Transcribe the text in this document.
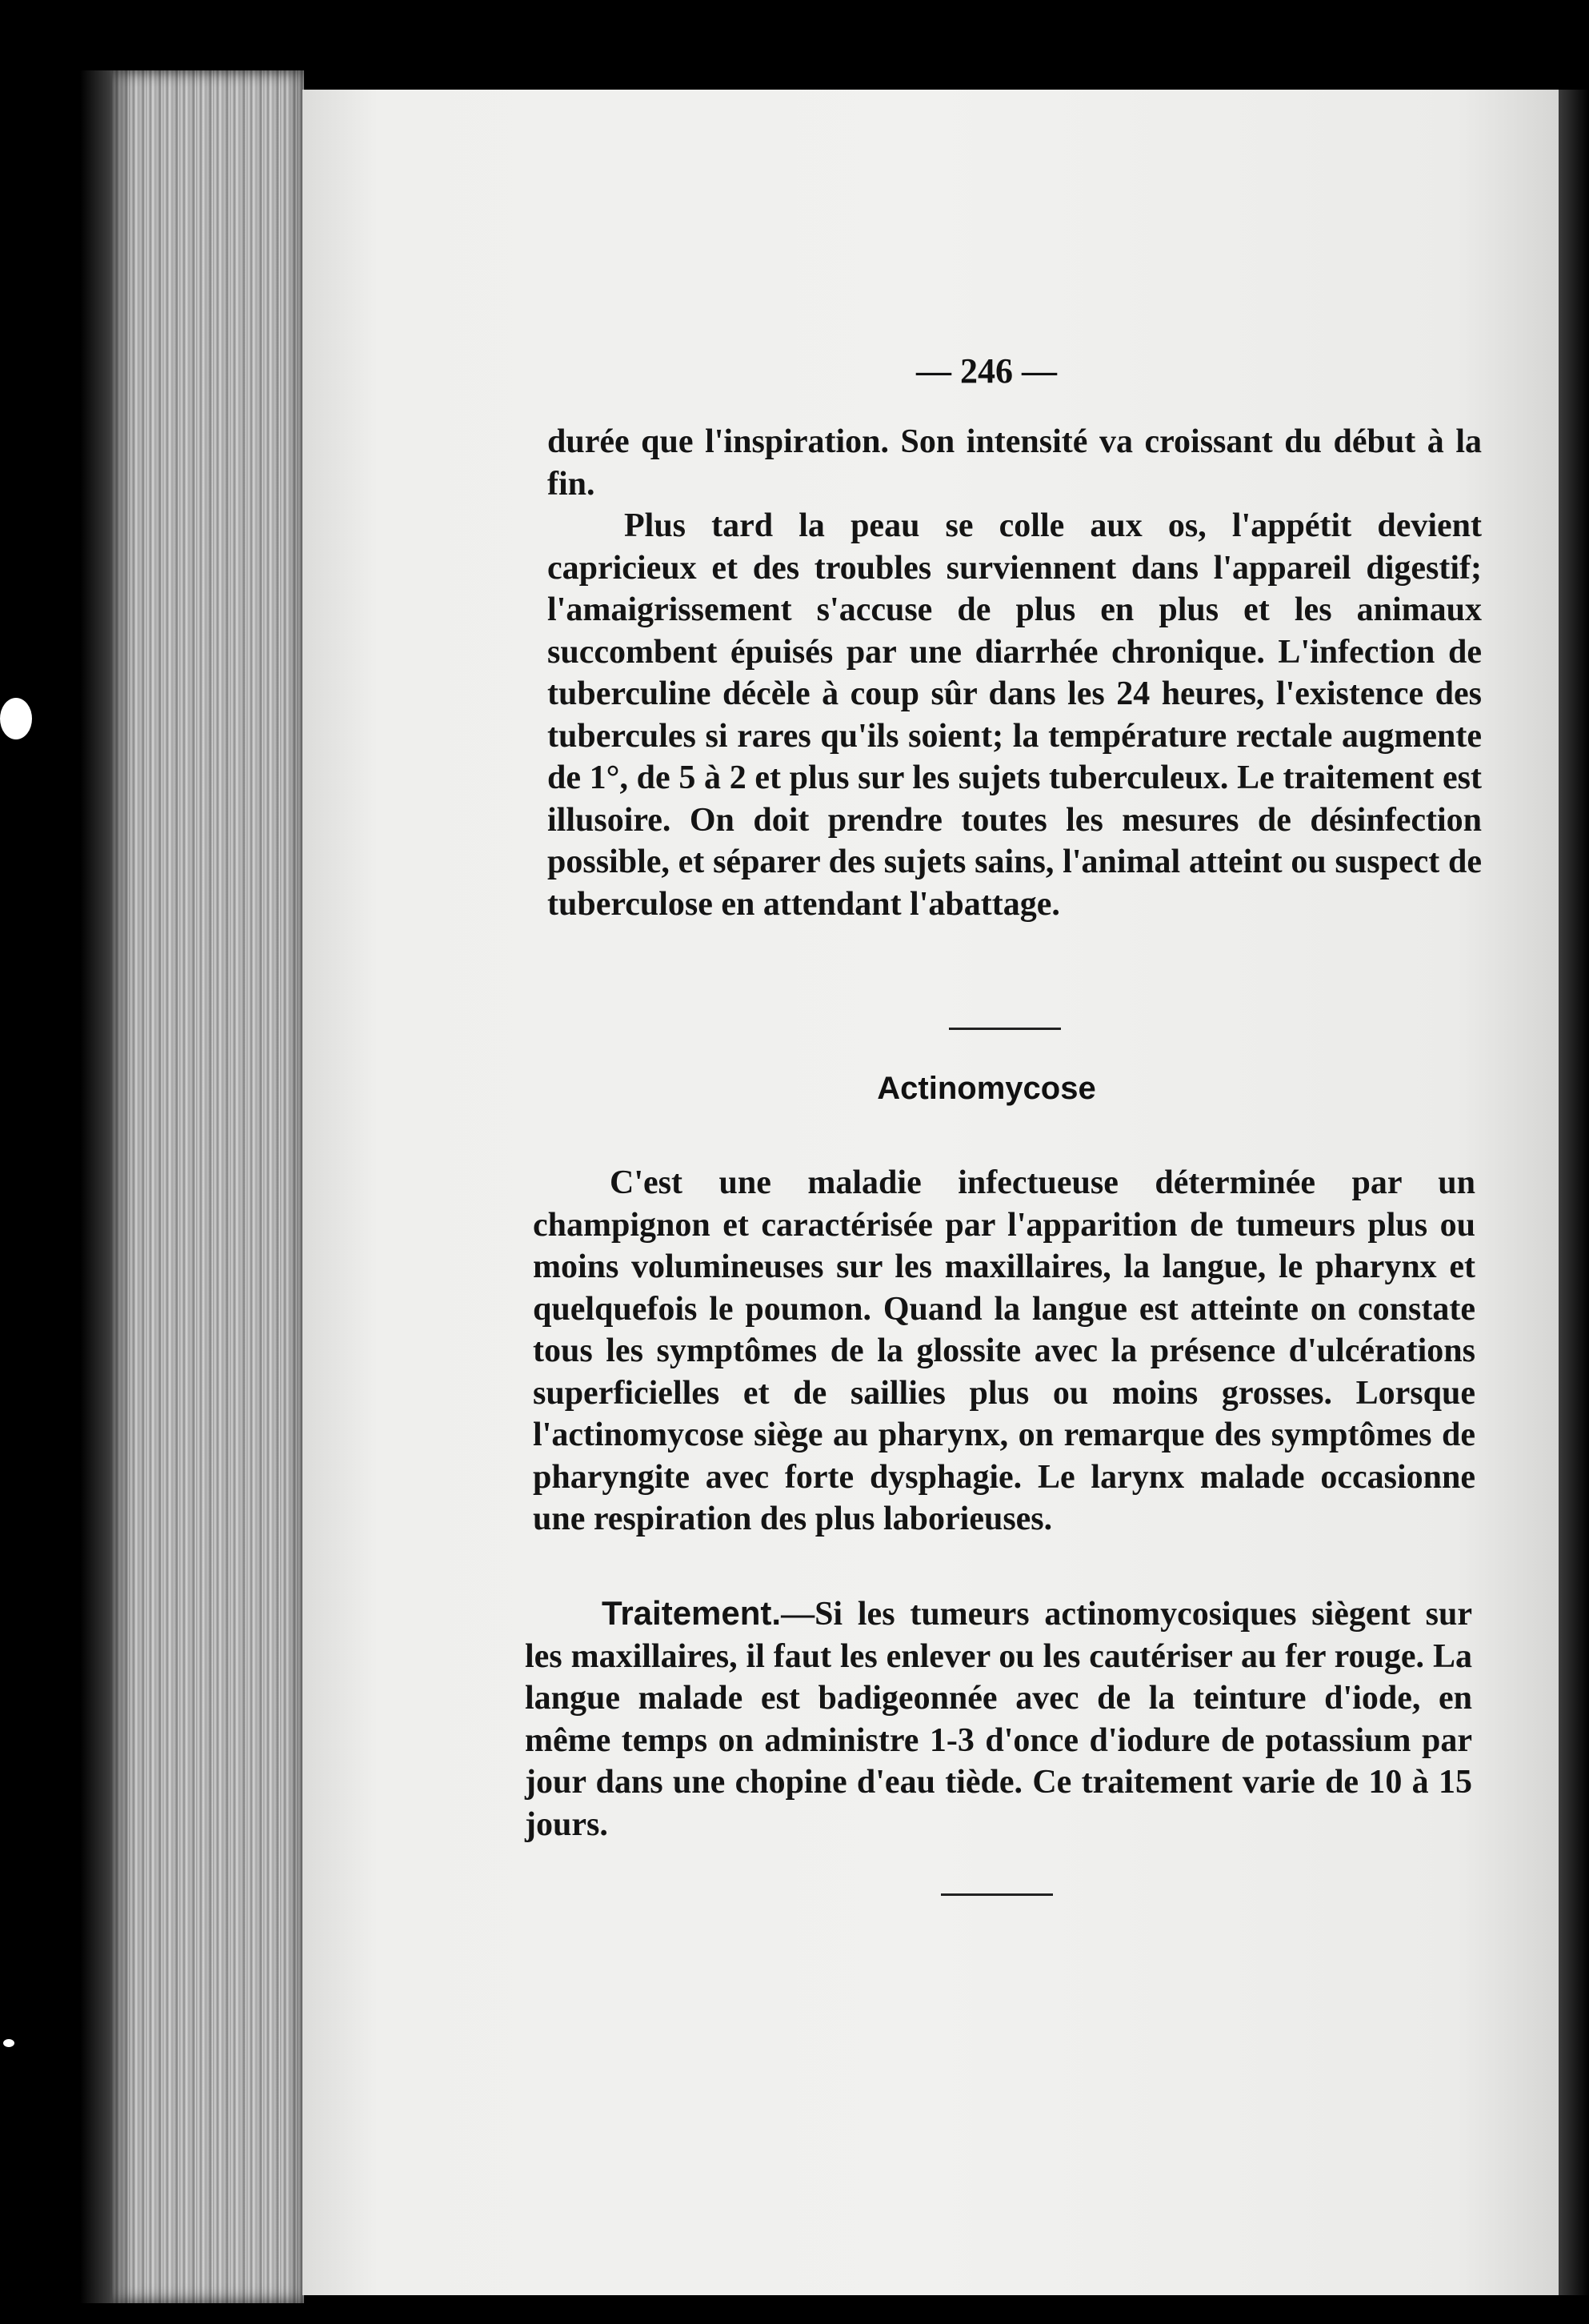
— 246 —

durée que l'inspiration. Son intensité va croissant du début à la fin.

Plus tard la peau se colle aux os, l'appétit devient capricieux et des troubles surviennent dans l'appareil digestif; l'amaigrissement s'accuse de plus en plus et les animaux succombent épuisés par une diarrhée chronique. L'infection de tuberculine décèle à coup sûr dans les 24 heures, l'existence des tubercules si rares qu'ils soient; la température rectale augmente de 1°, de 5 à 2 et plus sur les sujets tuberculeux. Le traitement est illusoire. On doit prendre toutes les mesures de désinfection possible, et séparer des sujets sains, l'animal atteint ou suspect de tuberculose en attendant l'abattage.

Actinomycose

C'est une maladie infectueuse déterminée par un champignon et caractérisée par l'apparition de tumeurs plus ou moins volumineuses sur les maxillaires, la langue, le pharynx et quelquefois le poumon. Quand la langue est atteinte on constate tous les symptômes de la glossite avec la présence d'ulcérations superficielles et de saillies plus ou moins grosses. Lorsque l'actinomycose siège au pharynx, on remarque des symptômes de pharyngite avec forte dysphagie. Le larynx malade occasionne une respiration des plus laborieuses.

Traitement.—Si les tumeurs actinomycosiques siègent sur les maxillaires, il faut les enlever ou les cautériser au fer rouge. La langue malade est badigeonnée avec de la teinture d'iode, en même temps on administre 1-3 d'once d'iodure de potassium par jour dans une chopine d'eau tiède. Ce traitement varie de 10 à 15 jours.
